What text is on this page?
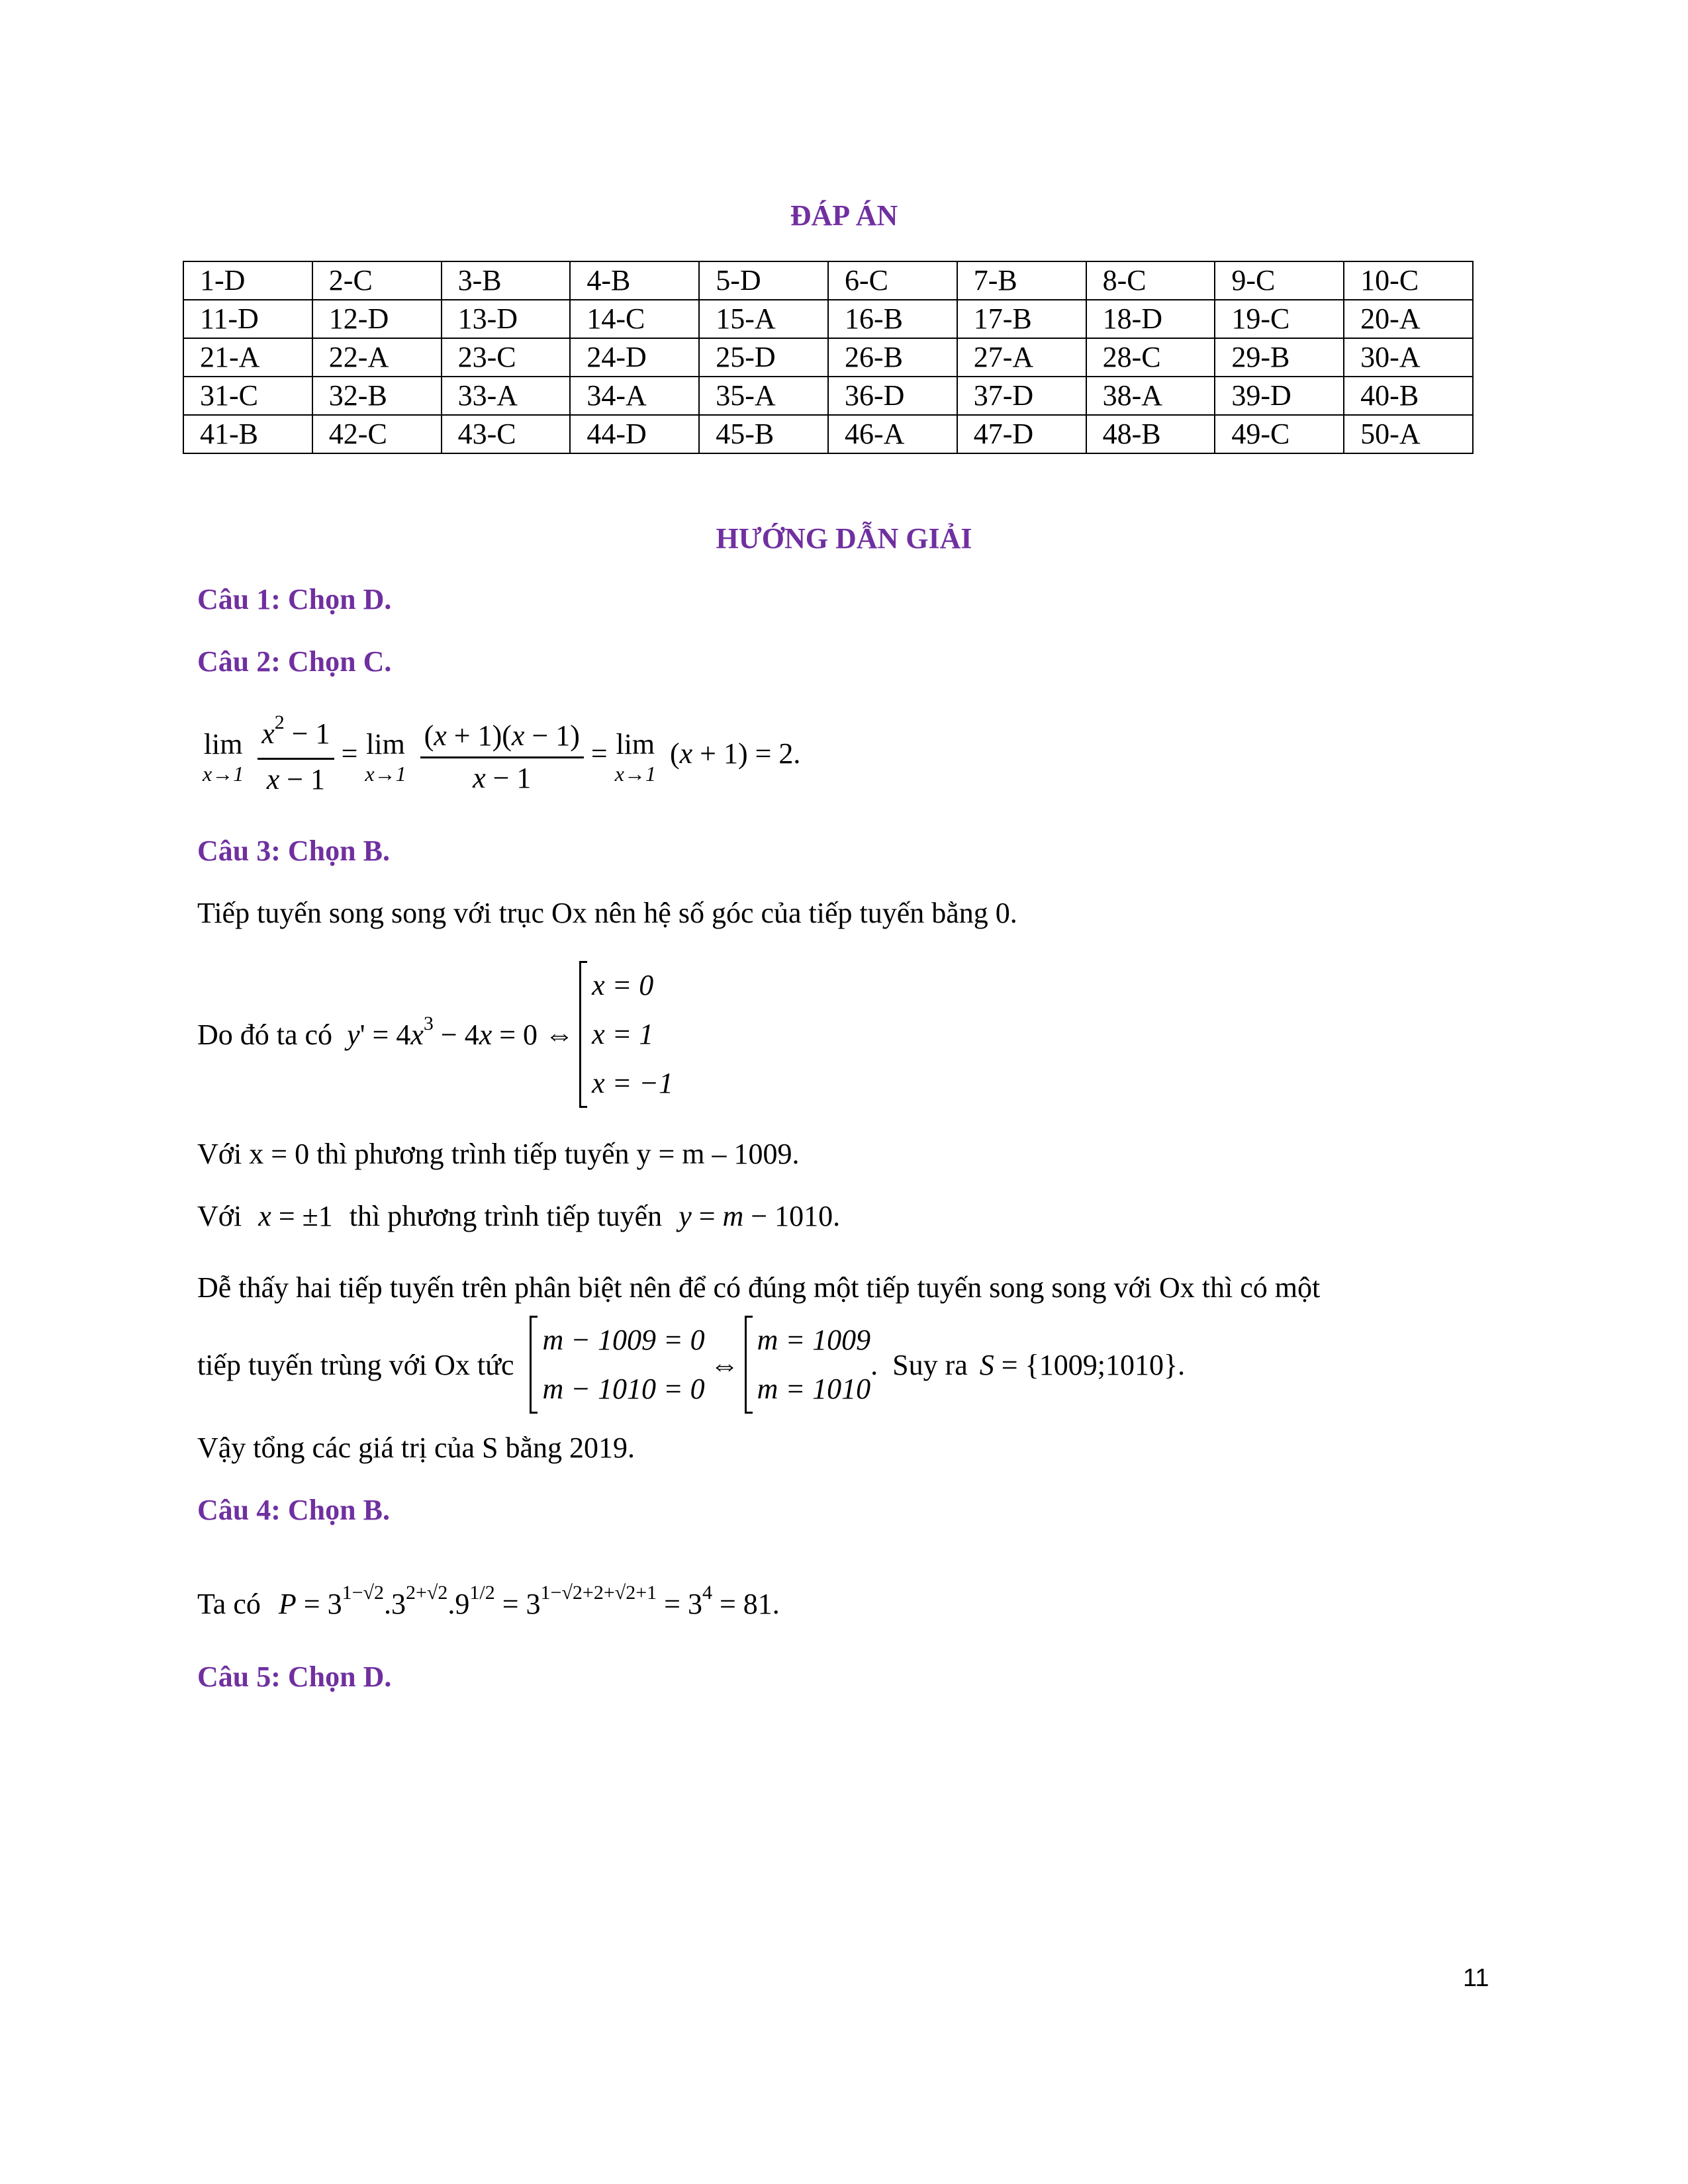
ĐÁP ÁN
1-D	2-C	3-B	4-B	5-D	6-C	7-B	8-C	9-C	10-C
11-D	12-D	13-D	14-C	15-A	16-B	17-B	18-D	19-C	20-A
21-A	22-A	23-C	24-D	25-D	26-B	27-A	28-C	29-B	30-A
31-C	32-B	33-A	34-A	35-A	36-D	37-D	38-A	39-D	40-B
41-B	42-C	43-C	44-D	45-B	46-A	47-D	48-B	49-C	50-A
HƯỚNG DẪN GIẢI
Câu 1: Chọn D.
Câu 2: Chọn C.
lim
x→1
$\frac{x^2 - 1}{x - 1} = \lim$
x→1
$\frac{(x + 1)(x - 1)}{x - 1} = \lim$
x→1
(x + 1) = 2.
Câu 3: Chọn B.
Tiếp tuyến song song với trục Ox nên hệ số góc của tiếp tuyến bằng 0.
Do đó ta có $y' = 4x^3 - 4x = 0$ ⇔
x = 0
x = 1
x = −1
Với x = 0 thì phương trình tiếp tuyến y = m – 1009.
Với x = ±1 thì phương trình tiếp tuyến y = m − 1010.
Dễ thấy hai tiếp tuyến trên phân biệt nên để có đúng một tiếp tuyến song song với Ox thì có một
tiếp tuyến trùng với Ox tức
m − 1009 = 0
m − 1010 = 0
⇔
m = 1009
m = 1010
. Suy ra S = {1009;1010}.
Vậy tổng các giá trị của S bằng 2019.
Câu 4: Chọn B.
Ta có $P = 3^{1-√2}.3^{2+√2}.9^{1/2} = 3^{1-√2+2+√2+1} = 3^4 = 81$.
Câu 5: Chọn D.
11
